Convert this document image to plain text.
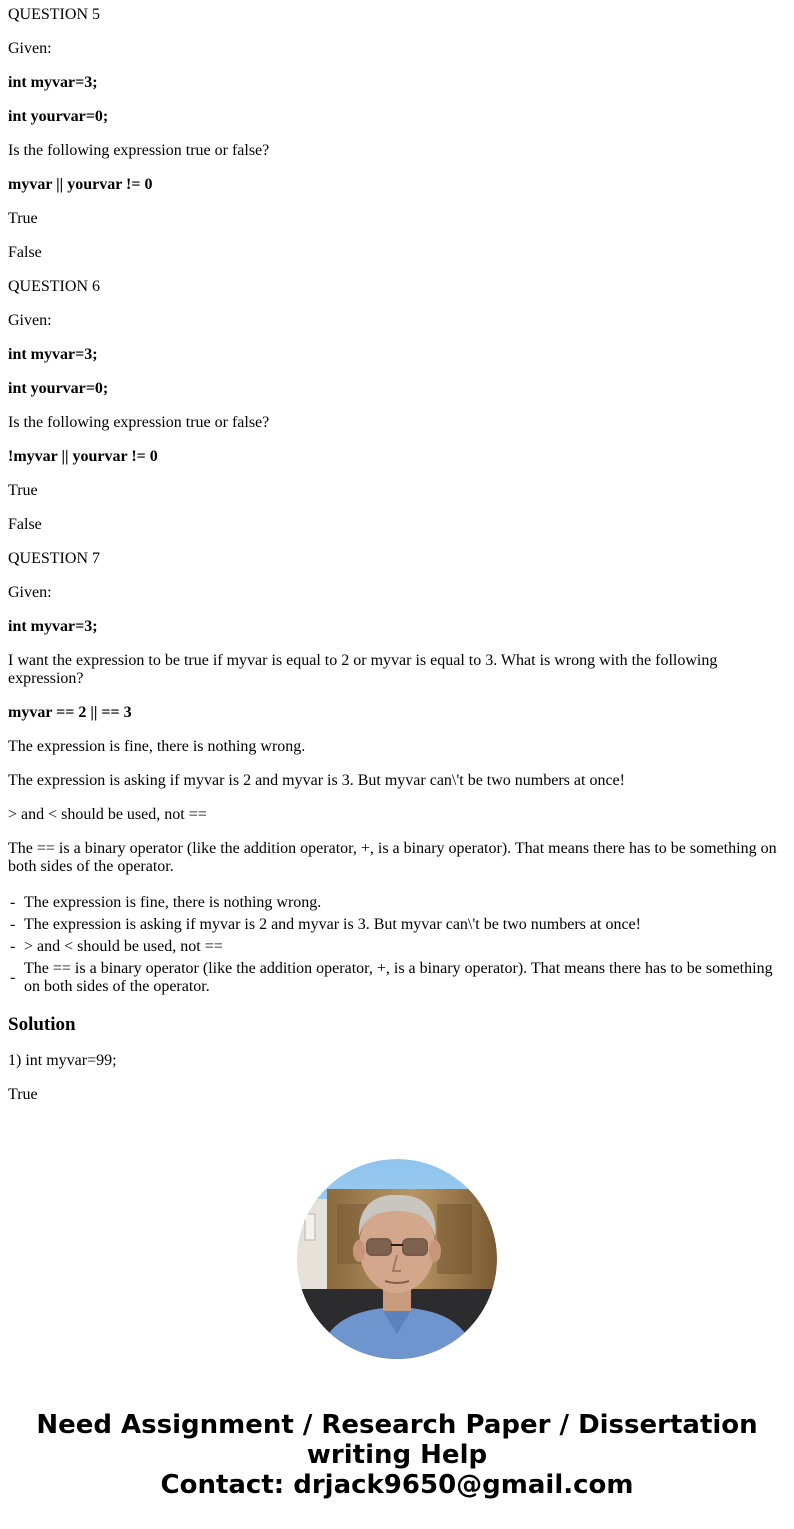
QUESTION 5

Given:

int myvar=3;

int yourvar=0;

Is the following expression true or false?

myvar || yourvar != 0

True

False

QUESTION 6

Given:

int myvar=3;

int yourvar=0;

Is the following expression true or false?

!myvar || yourvar != 0

True

False

QUESTION 7

Given:

int myvar=3;

I want the expression to be true if myvar is equal to 2 or myvar is equal to 3. What is wrong with the following expression?

myvar == 2 || == 3

The expression is fine, there is nothing wrong.

The expression is asking if myvar is 2 and myvar is 3. But myvar can\'t be two numbers at once!

> and < should be used, not ==

The == is a binary operator (like the addition operator, +, is a binary operator). That means there has to be something on both sides of the operator.

- The expression is fine, there is nothing wrong.
- The expression is asking if myvar is 2 and myvar is 3. But myvar can\'t be two numbers at once!
- > and < should be used, not ==
-
The == is a binary operator (like the addition operator, +, is a binary operator). That means there has to be something on both sides of the operator.
Solution

1) int myvar=99;

True

Need Assignment / Research Paper / Dissertation
writing Help
Contact: drjack9650@gmail.com
